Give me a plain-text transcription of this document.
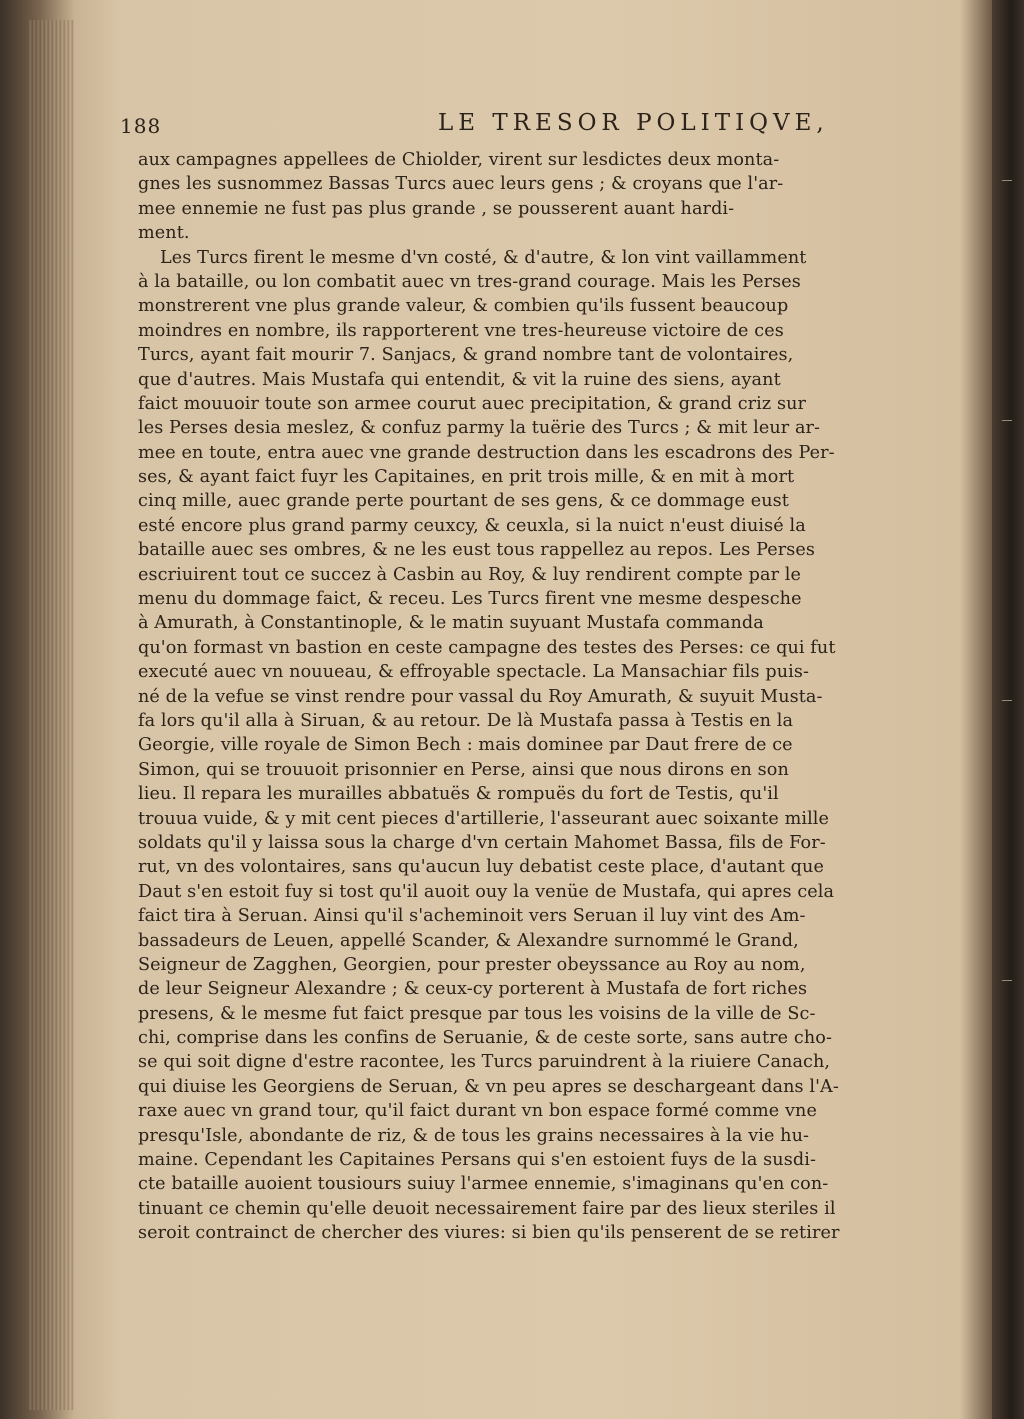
188	LE TRESOR POLITIQVE,
aux campagnes appellees de Chiolder, virent sur lesdictes deux monta-
gnes les susnommez Bassas Turcs auec leurs gens ; & croyans que l'ar-
mee ennemie ne fust pas plus grande , se pousserent auant hardi-
ment.
Les Turcs firent le mesme d'vn costé, & d'autre, & lon vint vaillamment
à la bataille, ou lon combatit auec vn tres-grand courage. Mais les Perses
monstrerent vne plus grande valeur, & combien qu'ils fussent beaucoup
moindres en nombre, ils rapporterent vne tres-heureuse victoire de ces
Turcs, ayant fait mourir 7. Sanjacs, & grand nombre tant de volontaires,
que d'autres. Mais Mustafa qui entendit, & vit la ruine des siens, ayant
faict mouuoir toute son armee courut auec precipitation, & grand criz sur
les Perses desia meslez, & confuz parmy la tuërie des Turcs ; & mit leur ar-
mee en toute, entra auec vne grande destruction dans les escadrons des Per-
ses, & ayant faict fuyr les Capitaines, en prit trois mille, & en mit à mort
cinq mille, auec grande perte pourtant de ses gens, & ce dommage eust
esté encore plus grand parmy ceuxcy, & ceuxla, si la nuict n'eust diuisé la
bataille auec ses ombres, & ne les eust tous rappellez au repos. Les Perses
escriuirent tout ce succez à Casbin au Roy, & luy rendirent compte par le
menu du dommage faict, & receu. Les Turcs firent vne mesme despesche
à Amurath, à Constantinople, & le matin suyuant Mustafa commanda
qu'on formast vn bastion en ceste campagne des testes des Perses: ce qui fut
executé auec vn nouueau, & effroyable spectacle. La Mansachiar fils puis-
né de la vefue se vinst rendre pour vassal du Roy Amurath, & suyuit Musta-
fa lors qu'il alla à Siruan, & au retour. De là Mustafa passa à Testis en la
Georgie, ville royale de Simon Bech : mais dominee par Daut frere de ce
Simon, qui se trouuoit prisonnier en Perse, ainsi que nous dirons en son
lieu. Il repara les murailles abbatuës & rompuës du fort de Testis, qu'il
trouua vuide, & y mit cent pieces d'artillerie, l'asseurant auec soixante mille
soldats qu'il y laissa sous la charge d'vn certain Mahomet Bassa, fils de For-
rut, vn des volontaires, sans qu'aucun luy debatist ceste place, d'autant que
Daut s'en estoit fuy si tost qu'il auoit ouy la venüe de Mustafa, qui apres cela
faict tira à Seruan. Ainsi qu'il s'acheminoit vers Seruan il luy vint des Am-
bassadeurs de Leuen, appellé Scander, & Alexandre surnommé le Grand,
Seigneur de Zagghen, Georgien, pour prester obeyssance au Roy au nom,
de leur Seigneur Alexandre ; & ceux-cy porterent à Mustafa de fort riches
presens, & le mesme fut faict presque par tous les voisins de la ville de Sc-
chi, comprise dans les confins de Seruanie, & de ceste sorte, sans autre cho-
se qui soit digne d'estre racontee, les Turcs paruindrent à la riuiere Canach,
qui diuise les Georgiens de Seruan, & vn peu apres se deschargeant dans l'A-
raxe auec vn grand tour, qu'il faict durant vn bon espace formé comme vne
presqu'Isle, abondante de riz, & de tous les grains necessaires à la vie hu-
maine. Cependant les Capitaines Persans qui s'en estoient fuys de la susdi-
cte bataille auoient tousiours suiuy l'armee ennemie, s'imaginans qu'en con-
tinuant ce chemin qu'elle deuoit necessairement faire par des lieux steriles il
seroit contrainct de chercher des viures: si bien qu'ils penserent de se retirer
